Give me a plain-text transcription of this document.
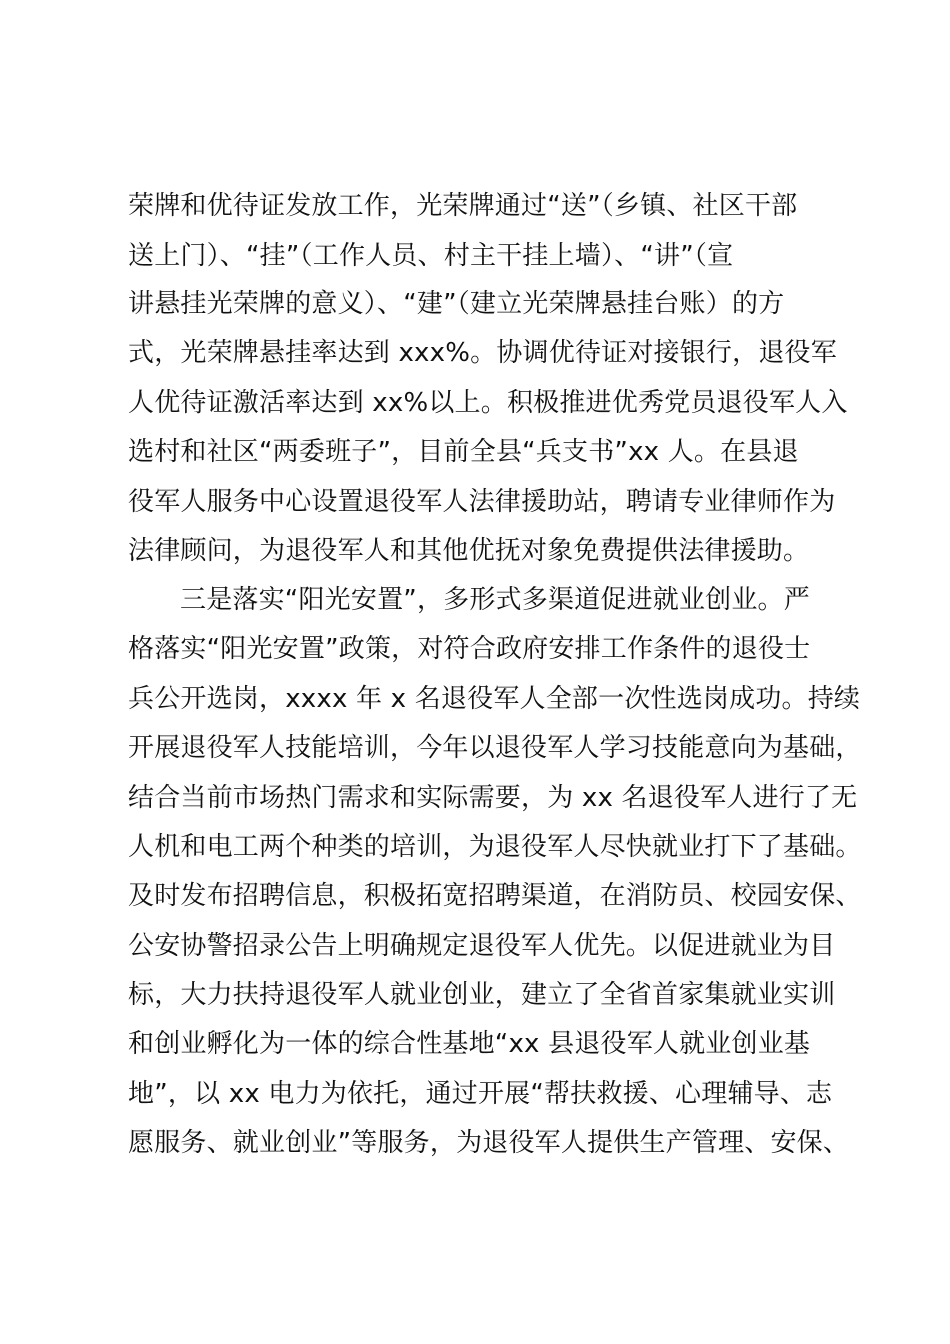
荣牌和优待证发放工作，光荣牌通过“送”（乡镇、社区干部
送上门）、“挂”（工作人员、村主干挂上墙）、“讲”（宣
讲悬挂光荣牌的意义）、“建”（建立光荣牌悬挂台账）的方
式，光荣牌悬挂率达到 xxx%。协调优待证对接银行，退役军
人优待证激活率达到 xx%以上。积极推进优秀党员退役军人入
选村和社区“两委班子”，目前全县“兵支书”xx 人。在县退
役军人服务中心设置退役军人法律援助站，聘请专业律师作为
法律顾问，为退役军人和其他优抚对象免费提供法律援助。
三是落实“阳光安置”，多形式多渠道促进就业创业。严
格落实“阳光安置”政策，对符合政府安排工作条件的退役士
兵公开选岗，xxxx 年 x 名退役军人全部一次性选岗成功。持续
开展退役军人技能培训，今年以退役军人学习技能意向为基础，
结合当前市场热门需求和实际需要，为 xx 名退役军人进行了无
人机和电工两个种类的培训，为退役军人尽快就业打下了基础。
及时发布招聘信息，积极拓宽招聘渠道，在消防员、校园安保、
公安协警招录公告上明确规定退役军人优先。以促进就业为目
标，大力扶持退役军人就业创业，建立了全省首家集就业实训
和创业孵化为一体的综合性基地“xx 县退役军人就业创业基
地”，以 xx 电力为依托，通过开展“帮扶救援、心理辅导、志
愿服务、就业创业”等服务，为退役军人提供生产管理、安保、
